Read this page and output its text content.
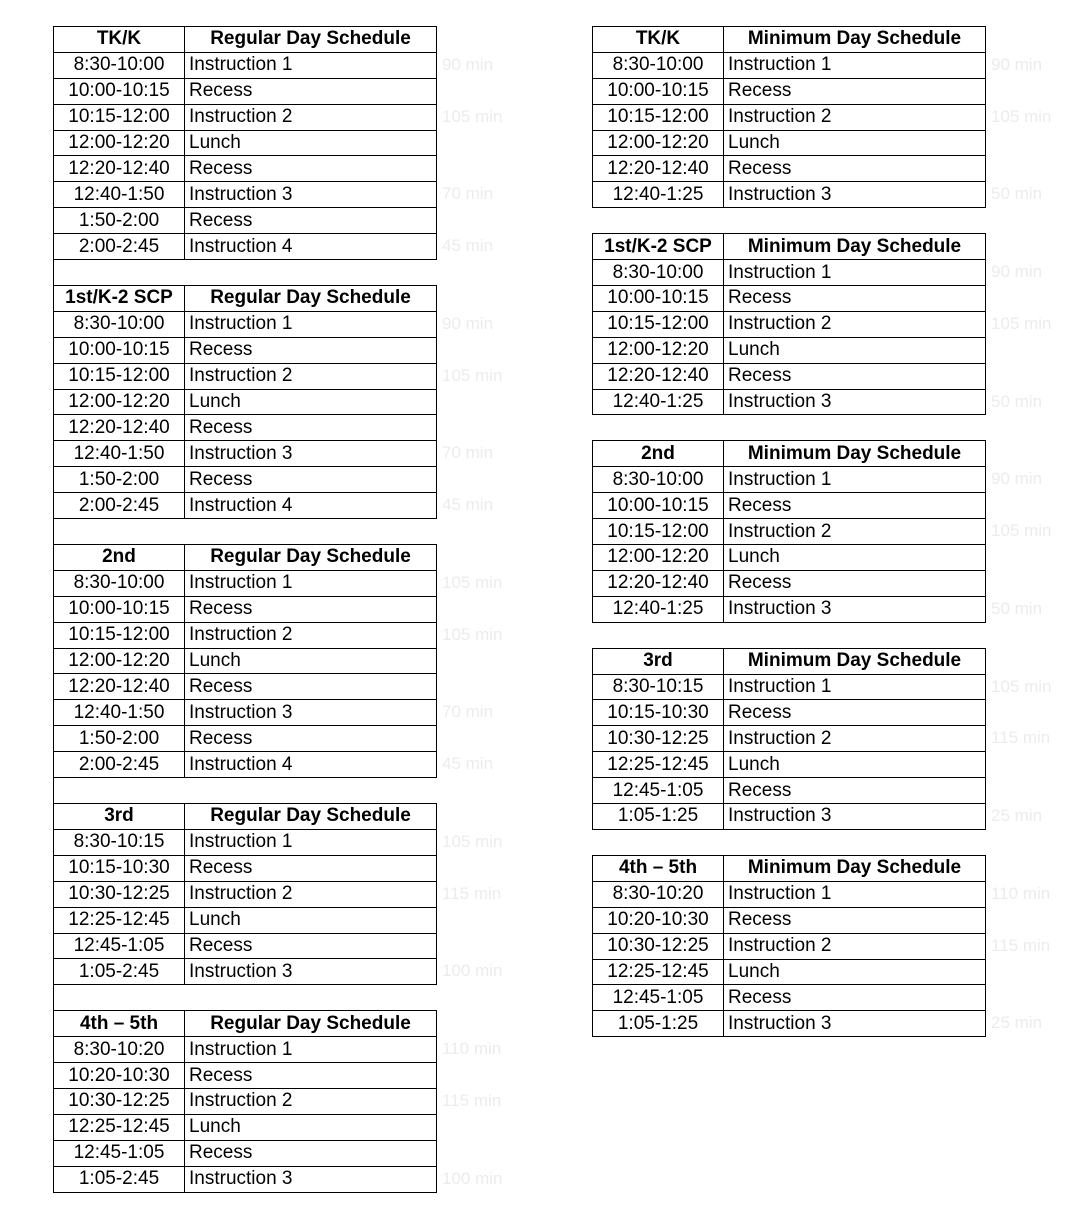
TK/K	Regular Day Schedule
8:30-10:00	Instruction 1 90 min

10:00-10:15	Recess
10:15-12:00	Instruction 2 105 min

12:00-12:20	Lunch
12:20-12:40	Recess
12:40-1:50	Instruction 3 70 min

1:50-2:00	Recess
2:00-2:45	Instruction 4 45 min
1st/K-2 SCP	Regular Day Schedule
8:30-10:00	Instruction 1 90 min

10:00-10:15	Recess
10:15-12:00	Instruction 2 105 min

12:00-12:20	Lunch
12:20-12:40	Recess
12:40-1:50	Instruction 3 70 min

1:50-2:00	Recess
2:00-2:45	Instruction 4 45 min
2nd	Regular Day Schedule
8:30-10:00	Instruction 1 105 min

10:00-10:15	Recess
10:15-12:00	Instruction 2 105 min

12:00-12:20	Lunch
12:20-12:40	Recess
12:40-1:50	Instruction 3 70 min

1:50-2:00	Recess
2:00-2:45	Instruction 4 45 min
3rd	Regular Day Schedule
8:30-10:15	Instruction 1 105 min

10:15-10:30	Recess
10:30-12:25	Instruction 2 115 min

12:25-12:45	Lunch
12:45-1:05	Recess
1:05-2:45	Instruction 3 100 min
4th – 5th	Regular Day Schedule
8:30-10:20	Instruction 1 110 min

10:20-10:30	Recess
10:30-12:25	Instruction 2 115 min

12:25-12:45	Lunch
12:45-1:05	Recess
1:05-2:45	Instruction 3 100 min
TK/K	Minimum Day Schedule
8:30-10:00	Instruction 1 90 min

10:00-10:15	Recess
10:15-12:00	Instruction 2 105 min

12:00-12:20	Lunch
12:20-12:40	Recess
12:40-1:25	Instruction 3 50 min
1st/K-2 SCP	Minimum Day Schedule
8:30-10:00	Instruction 1 90 min

10:00-10:15	Recess
10:15-12:00	Instruction 2 105 min

12:00-12:20	Lunch
12:20-12:40	Recess
12:40-1:25	Instruction 3 50 min
2nd	Minimum Day Schedule
8:30-10:00	Instruction 1 90 min

10:00-10:15	Recess
10:15-12:00	Instruction 2 105 min

12:00-12:20	Lunch
12:20-12:40	Recess
12:40-1:25	Instruction 3 50 min
3rd	Minimum Day Schedule
8:30-10:15	Instruction 1 105 min

10:15-10:30	Recess
10:30-12:25	Instruction 2 115 min

12:25-12:45	Lunch
12:45-1:05	Recess
1:05-1:25	Instruction 3 25 min
4th – 5th	Minimum Day Schedule
8:30-10:20	Instruction 1 110 min

10:20-10:30	Recess
10:30-12:25	Instruction 2 115 min

12:25-12:45	Lunch
12:45-1:05	Recess
1:05-1:25	Instruction 3 25 min
